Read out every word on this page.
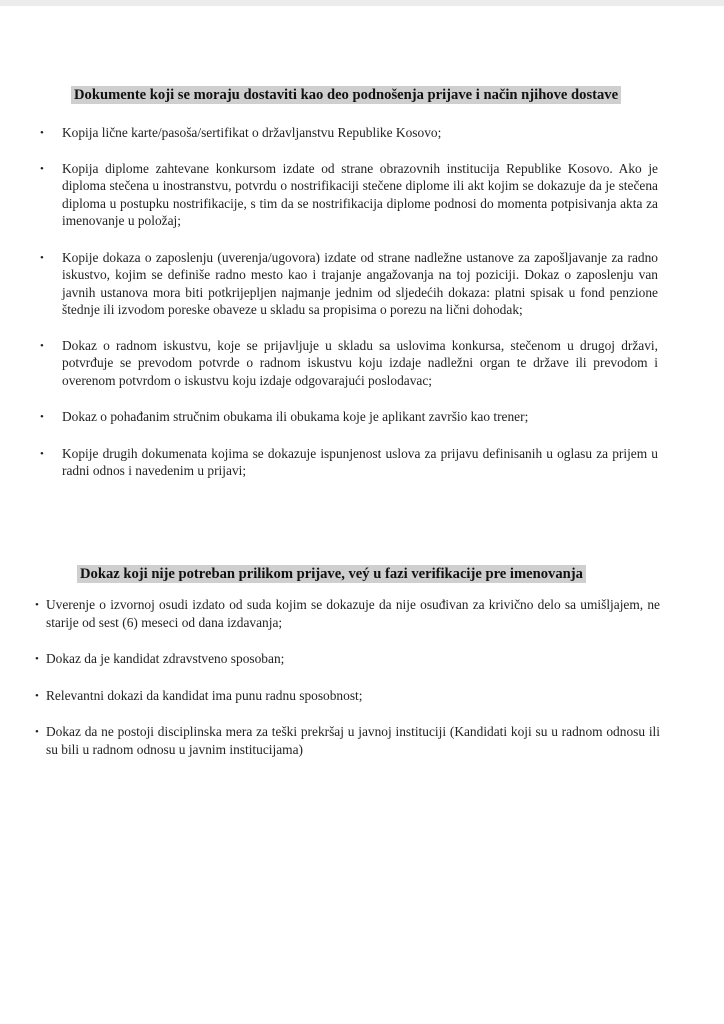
Dokumente koji se moraju dostaviti kao deo podnošenja prijave i način njihove dostave
• Kopija lične karte/pasoša/sertifikat o državljanstvu Republike Kosovo;
• Kopija diplome zahtevane konkursom izdate od strane obrazovnih institucija Republike Kosovo. Ako je diploma stečena u inostranstvu, potvrdu o nostrifikaciji stečene diplome ili akt kojim se dokazuje da je stečena diploma u postupku nostrifikacije, s tim da se nostrifikacija diplome podnosi do momenta potpisivanja akta za imenovanje u položaj;
• Kopije dokaza o zaposlenju (uverenja/ugovora) izdate od strane nadležne ustanove za zapošljavanje za radno iskustvo, kojim se definiše radno mesto kao i trajanje angažovanja na toj poziciji. Dokaz o zaposlenju van javnih ustanova mora biti potkrijepljen najmanje jednim od sljedećih dokaza: platni spisak u fond penzione štednje ili izvodom poreske obaveze u skladu sa propisima o porezu na lični dohodak;
• Dokaz o radnom iskustvu, koje se prijavljuje u skladu sa uslovima konkursa, stečenom u drugoj državi, potvrđuje se prevodom potvrde o radnom iskustvu koju izdaje nadležni organ te države ili prevodom i overenom potvrdom o iskustvu koju izdaje odgovarajući poslodavac;
• Dokaz o pohađanim stručnim obukama ili obukama koje je aplikant završio kao trener;
• Kopije drugih dokumenata kojima se dokazuje ispunjenost uslova za prijavu definisanih u oglasu za prijem u radni odnos i navedenim u prijavi;
Dokaz koji nije potreban prilikom prijave, veý u fazi verifikacije pre imenovanja
• Uverenje o izvornoj osudi izdato od suda kojim se dokazuje da nije osuđivan za krivično delo sa umišljajem, ne starije od sest (6) meseci od dana izdavanja;
• Dokaz da je kandidat zdravstveno sposoban;
• Relevantni dokazi da kandidat ima punu radnu sposobnost;
• Dokaz da ne postoji disciplinska mera za teški prekršaj u javnoj instituciji (Kandidati koji su u radnom odnosu ili su bili u radnom odnosu u javnim institucijama)
